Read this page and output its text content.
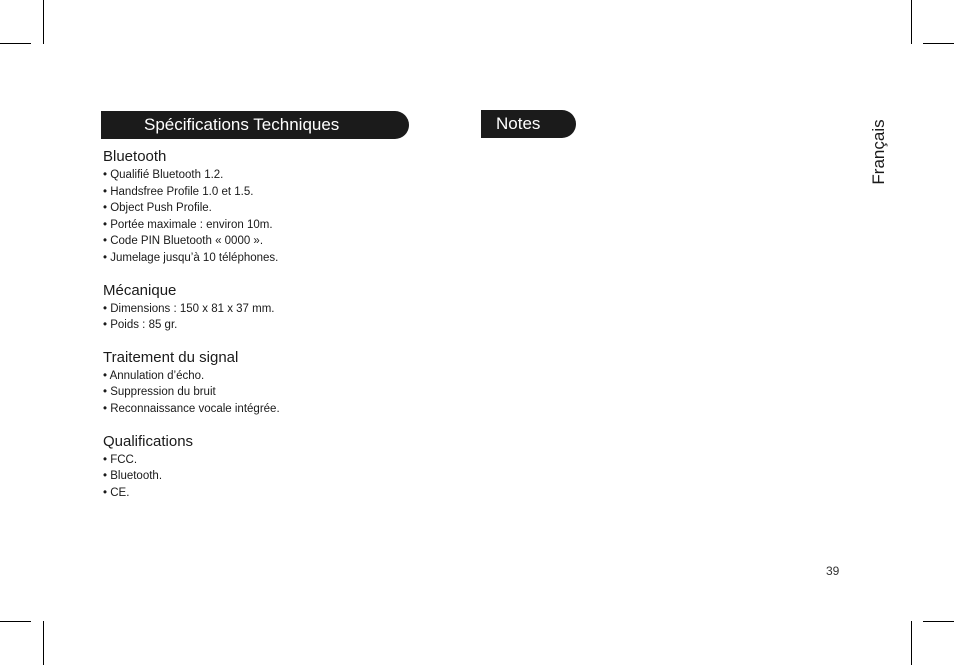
Spécifications Techniques	Notes

Bluetooth

• Qualifié Bluetooth 1.2.

• Handsfree Profile 1.0 et 1.5.

• Object Push Profile.

• Portée maximale : environ 10m.

• Code PIN Bluetooth « 0000 ».

• Jumelage jusqu’à 10 téléphones.

Mécanique

• Dimensions : 150 x 81 x 37 mm.

• Poids : 85 gr.

Traitement du signal

• Annulation d’écho.

• Suppression du bruit

• Reconnaissance vocale intégrée.

Qualifications

• FCC.

• Bluetooth.

• CE.

Français
39
